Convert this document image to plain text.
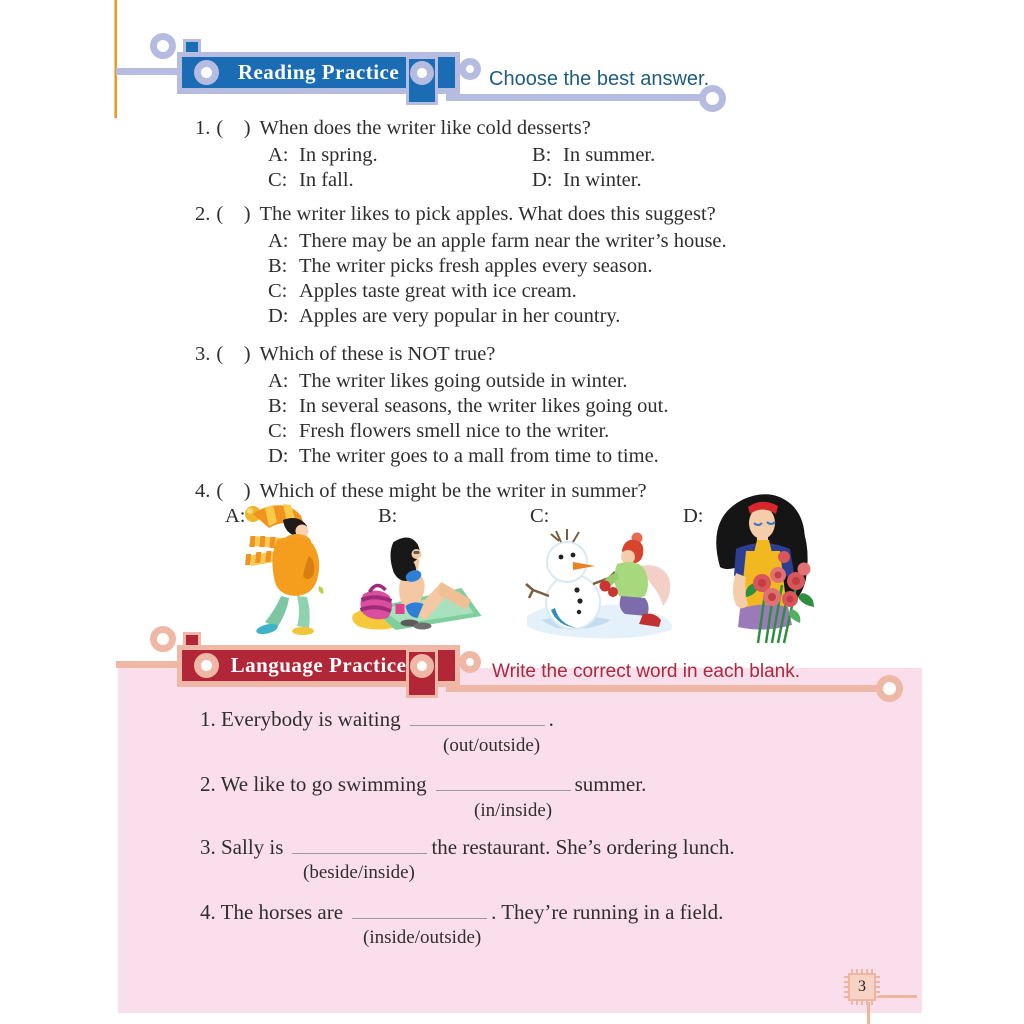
Reading Practice	Choose the best answer.
1. (    ) When does the writer like cold desserts?
A: In spring.	B: In summer.
C: In fall.	D: In winter.
2. (    ) The writer likes to pick apples. What does this suggest?
A: There may be an apple farm near the writer’s house.
B: The writer picks fresh apples every season.
C: Apples taste great with ice cream.
D: Apples are very popular in her country.
3. (    ) Which of these is NOT true?
A: The writer likes going outside in winter.
B: In several seasons, the writer likes going out.
C: Fresh flowers smell nice to the writer.
D: The writer goes to a mall from time to time.
4. (    ) Which of these might be the writer in summer?
A:	B:	C:	D:
Language Practice	Write the correct word in each blank.
1. Everybody is waiting	.
(out/outside)
2. We like to go swimming	summer.
(in/inside)
3. Sally is	the restaurant. She’s ordering lunch.
(beside/inside)
4. The horses are	. They’re running in a field.
(inside/outside)
3
